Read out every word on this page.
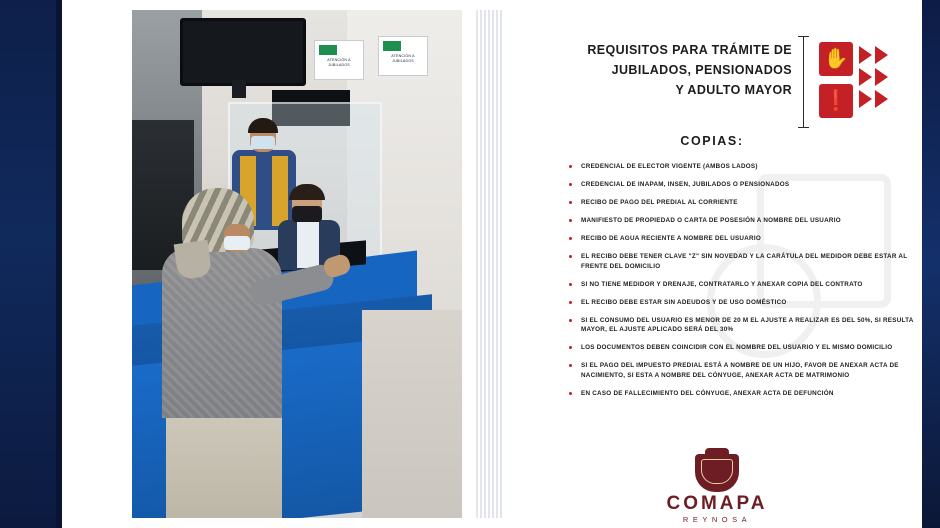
ATENCIÓN A JUBILADOS
ATENCIÓN A JUBILADOS
REQUISITOS PARA TRÁMITE DE
JUBILADOS, PENSIONADOS
Y ADULTO MAYOR
✋
❗
COPIAS:
CREDENCIAL DE ELECTOR VIGENTE (AMBOS LADOS)
CREDENCIAL DE INAPAM, INSEN, JUBILADOS O PENSIONADOS
RECIBO DE PAGO DEL PREDIAL AL CORRIENTE
MANIFIESTO DE PROPIEDAD O CARTA DE POSESIÓN A NOMBRE DEL USUARIO
RECIBO DE AGUA RECIENTE A NOMBRE DEL USUARIO
EL RECIBO DEBE TENER CLAVE "Z" SIN NOVEDAD Y LA CARÁTULA DEL MEDIDOR DEBE ESTAR AL FRENTE DEL DOMICILIO
SI NO TIENE MEDIDOR Y DRENAJE, CONTRATARLO Y ANEXAR COPIA DEL CONTRATO
EL RECIBO DEBE ESTAR SIN ADEUDOS Y DE USO DOMÉSTICO
SI EL CONSUMO DEL USUARIO ES MENOR DE 20 M EL AJUSTE A REALIZAR ES DEL 50%, SI RESULTA MAYOR, EL AJUSTE APLICADO SERÁ DEL 30%
LOS DOCUMENTOS DEBEN COINCIDIR CON EL NOMBRE DEL USUARIO Y EL MISMO DOMICILIO
SI EL PAGO DEL IMPUESTO PREDIAL ESTÁ A NOMBRE DE UN HIJO, FAVOR DE ANEXAR ACTA DE NACIMIENTO, SI ESTA A NOMBRE DEL CÓNYUGE, ANEXAR ACTA DE MATRIMONIO
EN CASO DE FALLECIMIENTO DEL CÓNYUGE, ANEXAR ACTA DE DEFUNCIÓN
COMAPA
REYNOSA
